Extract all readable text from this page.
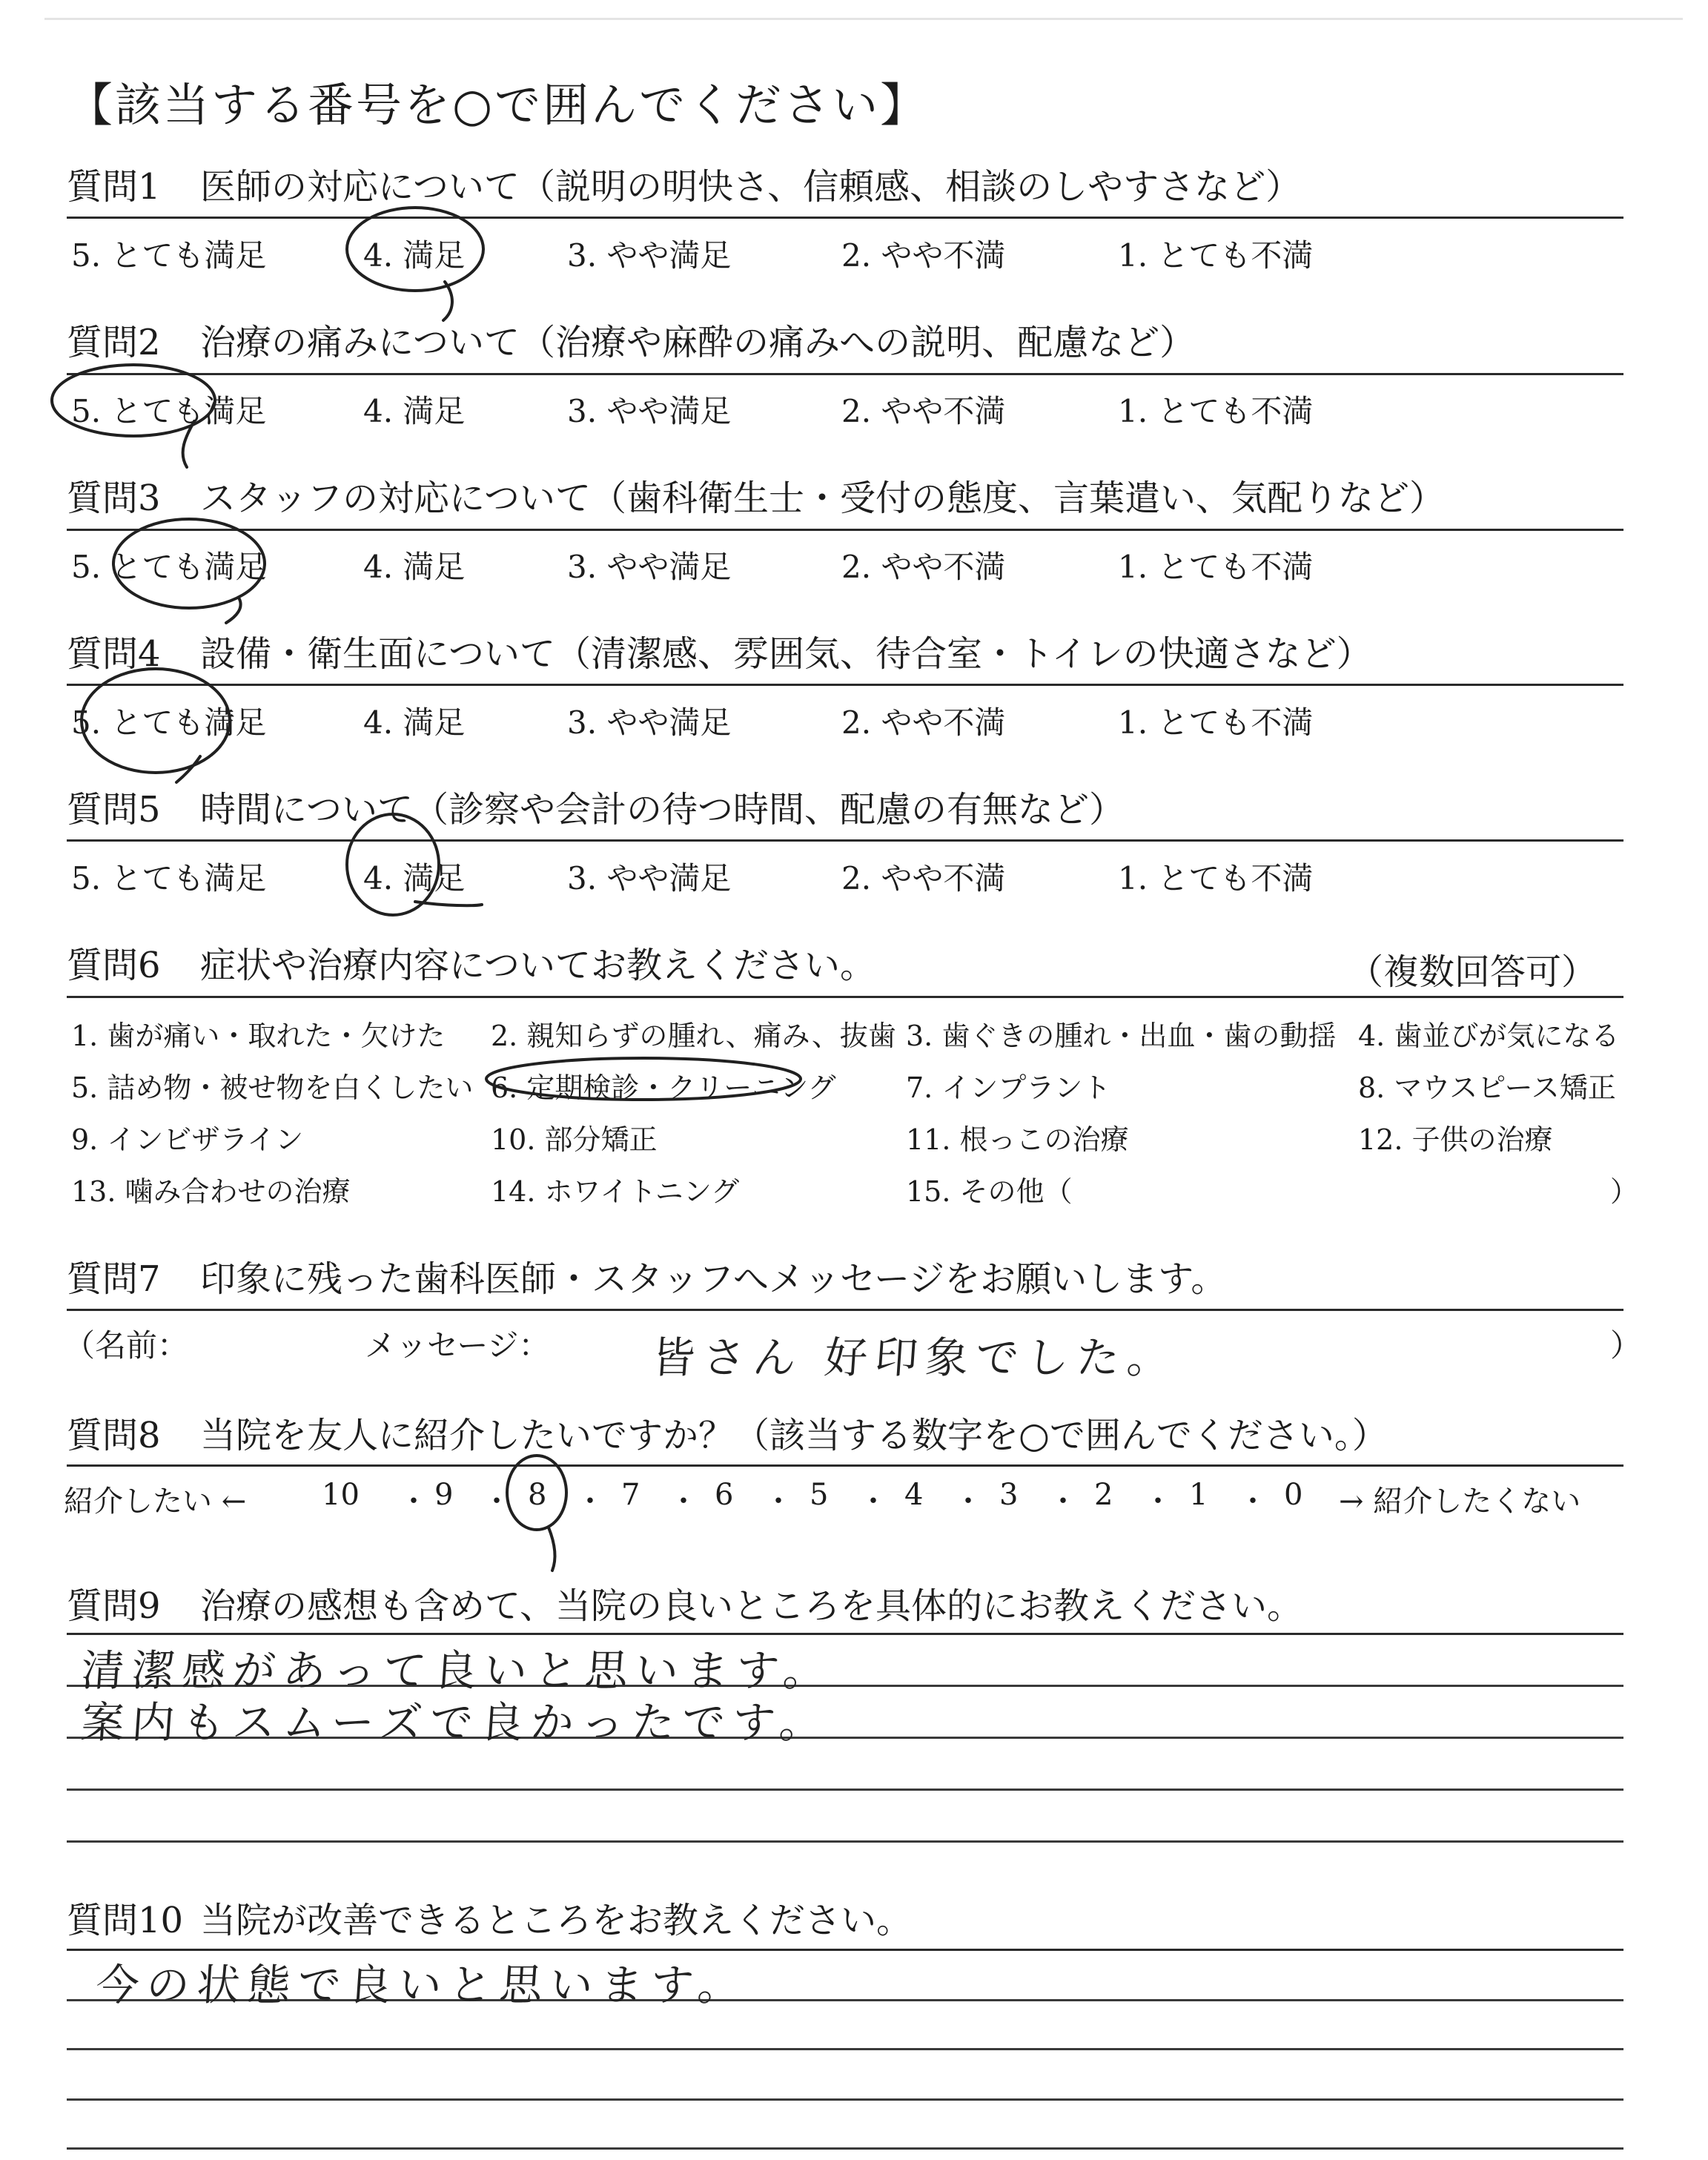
【該当する番号を○で囲んでください】
質問1 医師の対応について（説明の明快さ、信頼感、相談のしやすさなど）
5. とても満足	4. 満足	3. やや満足	2. やや不満	1. とても不満
質問2 治療の痛みについて（治療や麻酔の痛みへの説明、配慮など）
5. とても満足	4. 満足	3. やや満足	2. やや不満	1. とても不満
質問3 スタッフの対応について（歯科衛生士・受付の態度、言葉遣い、気配りなど）
5. とても満足	4. 満足	3. やや満足	2. やや不満	1. とても不満
質問4 設備・衛生面について（清潔感、雰囲気、待合室・トイレの快適さなど）
5. とても満足	4. 満足	3. やや満足	2. やや不満	1. とても不満
質問5 時間について（診察や会計の待つ時間、配慮の有無など）
5. とても満足	4. 満足	3. やや満足	2. やや不満	1. とても不満
質問6 症状や治療内容についてお教えください。	（複数回答可）
1. 歯が痛い・取れた・欠けた 2. 親知らずの腫れ、痛み、抜歯 3. 歯ぐきの腫れ・出血・歯の動揺 4. 歯並びが気になる
5. 詰め物・被せ物を白くしたい 6. 定期検診・クリーニング 7. インプラント	8. マウスピース矯正
9. インビザライン	10. 部分矯正	11. 根っこの治療	12. 子供の治療
13. 噛み合わせの治療	14. ホワイトニング	15. その他（	）
質問7 印象に残った歯科医師・スタッフへメッセージをお願いします。
（名前：	メッセージ： 皆さん 好印象でした。	）
質問8 当院を友人に紹介したいですか？（該当する数字を○で囲んでください。）
紹介したい ←	10 ・ 9 ・ 8 ・ 7 ・ 6 ・ 5 ・ 4 ・ 3 ・ 2 ・ 1 ・ 0 → 紹介したくない
質問9 治療の感想も含めて、当院の良いところを具体的にお教えください。
清潔感があって良いと思います。
案内もスムーズで良かったです。
質問10 当院が改善できるところをお教えください。
今の状態で良いと思います。
